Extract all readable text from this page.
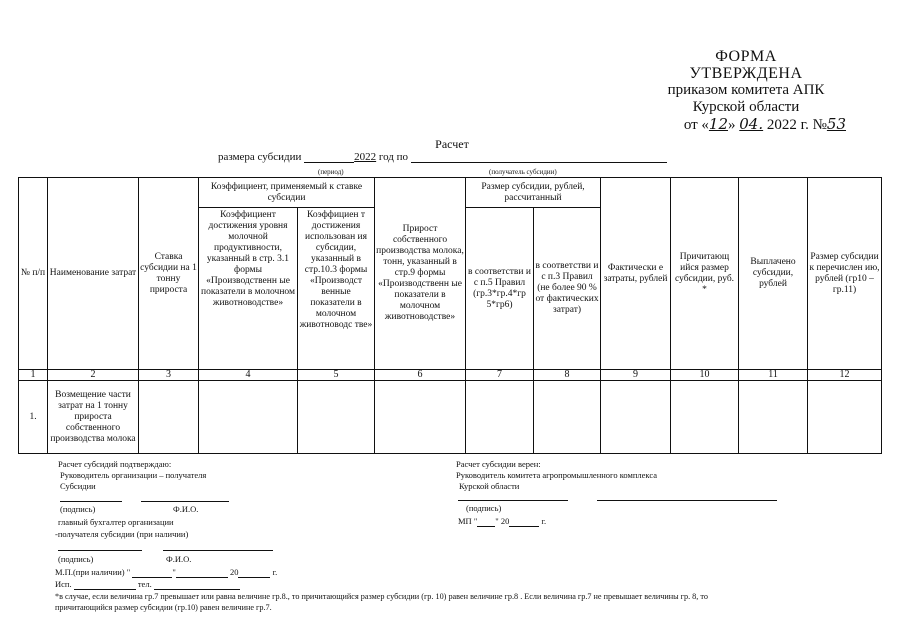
ФОРМА
УТВЕРЖДЕНА
приказом комитета АПК
Курской области
от «12» 04. 2022 г. №53
Расчет
размера субсидии	2022 год по
(период)	(получатель субсидии)
№ п/п	Наименование затрат	Ставка субсидии на 1 тонну прироста	Коэффициент, применяемый к ставке субсидии		Прирост собственного производства молока, тонн, указанный в стр.9 формы «Производственн ые показатели в молочном животноводстве»	Размер субсидии, рублей, рассчитанный		Фактически е затраты, рублей	Причитающ ийся размер субсидии, руб. *	Выплачено субсидии, рублей	Размер субсидии к перечислен ию, рублей (гр10 – гр.11)
			Коэффициент достижения уровня молочной продуктивности, указанный в стр. 3.1 формы «Производственн ые показатели в молочном животноводстве»	Коэффициен т достижения использован ия субсидии, указанный в стр.10.3 формы «Производст венные показатели в молочном животноводс тве»		в соответстви и с п.5 Правил (гр.3*гр.4*гр 5*гр6)	в соответстви и с п.3 Правил (не более 90 % от фактических затрат)				
1	2	3	4	5	6	7	8	9	10	11	12
1.	Возмещение части затрат на 1 тонну прироста собственного производства молока										
Расчет субсидий подтверждаю:
Руководитель организации – получателя
Субсидии
(подпись)	Ф.И.О.
главный бухгалтер организации
-получателя субсидии (при наличии)
(подпись)	Ф.И.О.
М.П.(при наличии) "	"	20	г.
Исп.	тел.
Расчет субсидии верен:
Руководитель комитета агропромышленного комплекса
Курской области
(подпись)
МП " " 20	г.
*в случае, если величина гр.7 превышает или равна величине гр.8., то причитающийся размер субсидии (гр. 10) равен величине гр.8 . Если величина гр.7 не превышает величины гр. 8, то
причитающийся размер субсидии (гр.10) равен величине гр.7.
